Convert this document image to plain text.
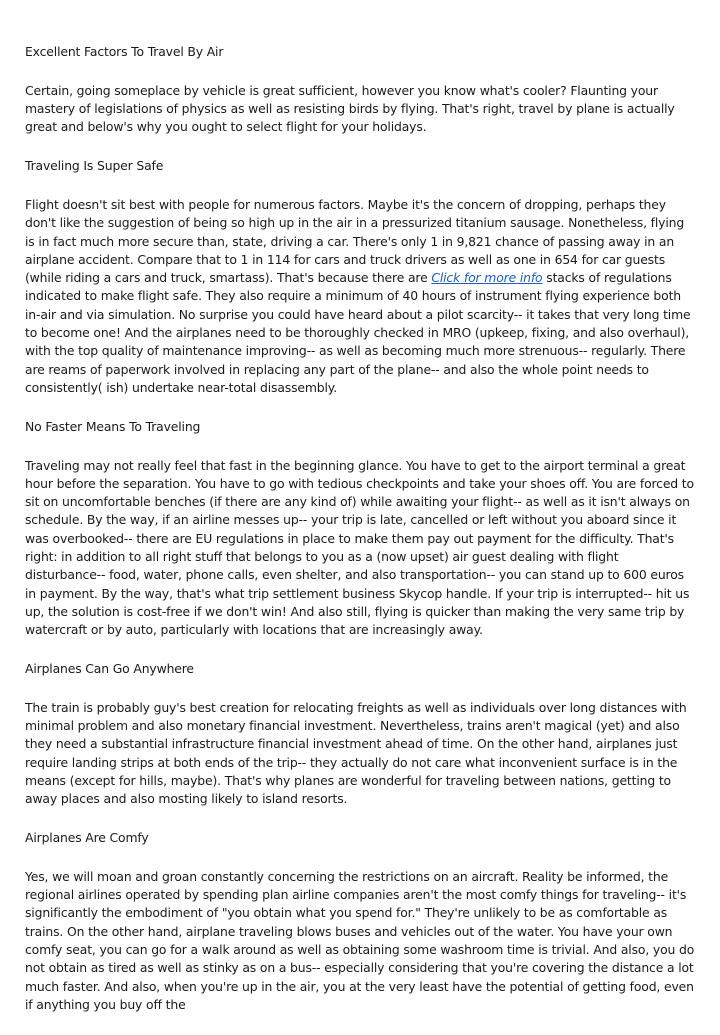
Excellent Factors To Travel By Air

Certain, going someplace by vehicle is great sufficient, however you know what's cooler? Flaunting your mastery of legislations of physics as well as resisting birds by flying. That's right, travel by plane is actually great and below's why you ought to select flight for your holidays.

Traveling Is Super Safe

Flight doesn't sit best with people for numerous factors. Maybe it's the concern of dropping, perhaps they don't like the suggestion of being so high up in the air in a pressurized titanium sausage. Nonetheless, flying is in fact much more secure than, state, driving a car. There's only 1 in 9,821 chance of passing away in an airplane accident. Compare that to 1 in 114 for cars and truck drivers as well as one in 654 for car guests (while riding a cars and truck, smartass). That's because there are Click for more info stacks of regulations indicated to make flight safe. They also require a minimum of 40 hours of instrument flying experience both in-air and via simulation. No surprise you could have heard about a pilot scarcity-- it takes that very long time to become one! And the airplanes need to be thoroughly checked in MRO (upkeep, fixing, and also overhaul), with the top quality of maintenance improving-- as well as becoming much more strenuous-- regularly. There are reams of paperwork involved in replacing any part of the plane-- and also the whole point needs to consistently( ish) undertake near-total disassembly.

No Faster Means To Traveling

Traveling may not really feel that fast in the beginning glance. You have to get to the airport terminal a great hour before the separation. You have to go with tedious checkpoints and take your shoes off. You are forced to sit on uncomfortable benches (if there are any kind of) while awaiting your flight-- as well as it isn't always on schedule. By the way, if an airline messes up-- your trip is late, cancelled or left without you aboard since it was overbooked-- there are EU regulations in place to make them pay out payment for the difficulty. That's right: in addition to all right stuff that belongs to you as a (now upset) air guest dealing with flight disturbance-- food, water, phone calls, even shelter, and also transportation-- you can stand up to 600 euros in payment. By the way, that's what trip settlement business Skycop handle. If your trip is interrupted-- hit us up, the solution is cost-free if we don't win! And also still, flying is quicker than making the very same trip by watercraft or by auto, particularly with locations that are increasingly away.

Airplanes Can Go Anywhere

The train is probably guy's best creation for relocating freights as well as individuals over long distances with minimal problem and also monetary financial investment. Nevertheless, trains aren't magical (yet) and also they need a substantial infrastructure financial investment ahead of time. On the other hand, airplanes just require landing strips at both ends of the trip-- they actually do not care what inconvenient surface is in the means (except for hills, maybe). That's why planes are wonderful for traveling between nations, getting to away places and also mosting likely to island resorts.

Airplanes Are Comfy

Yes, we will moan and groan constantly concerning the restrictions on an aircraft. Reality be informed, the regional airlines operated by spending plan airline companies aren't the most comfy things for traveling-- it's significantly the embodiment of "you obtain what you spend for." They're unlikely to be as comfortable as trains. On the other hand, airplane traveling blows buses and vehicles out of the water. You have your own comfy seat, you can go for a walk around as well as obtaining some washroom time is trivial. And also, you do not obtain as tired as well as stinky as on a bus-- especially considering that you're covering the distance a lot much faster. And also, when you're up in the air, you at the very least have the potential of getting food, even if anything you buy off the
